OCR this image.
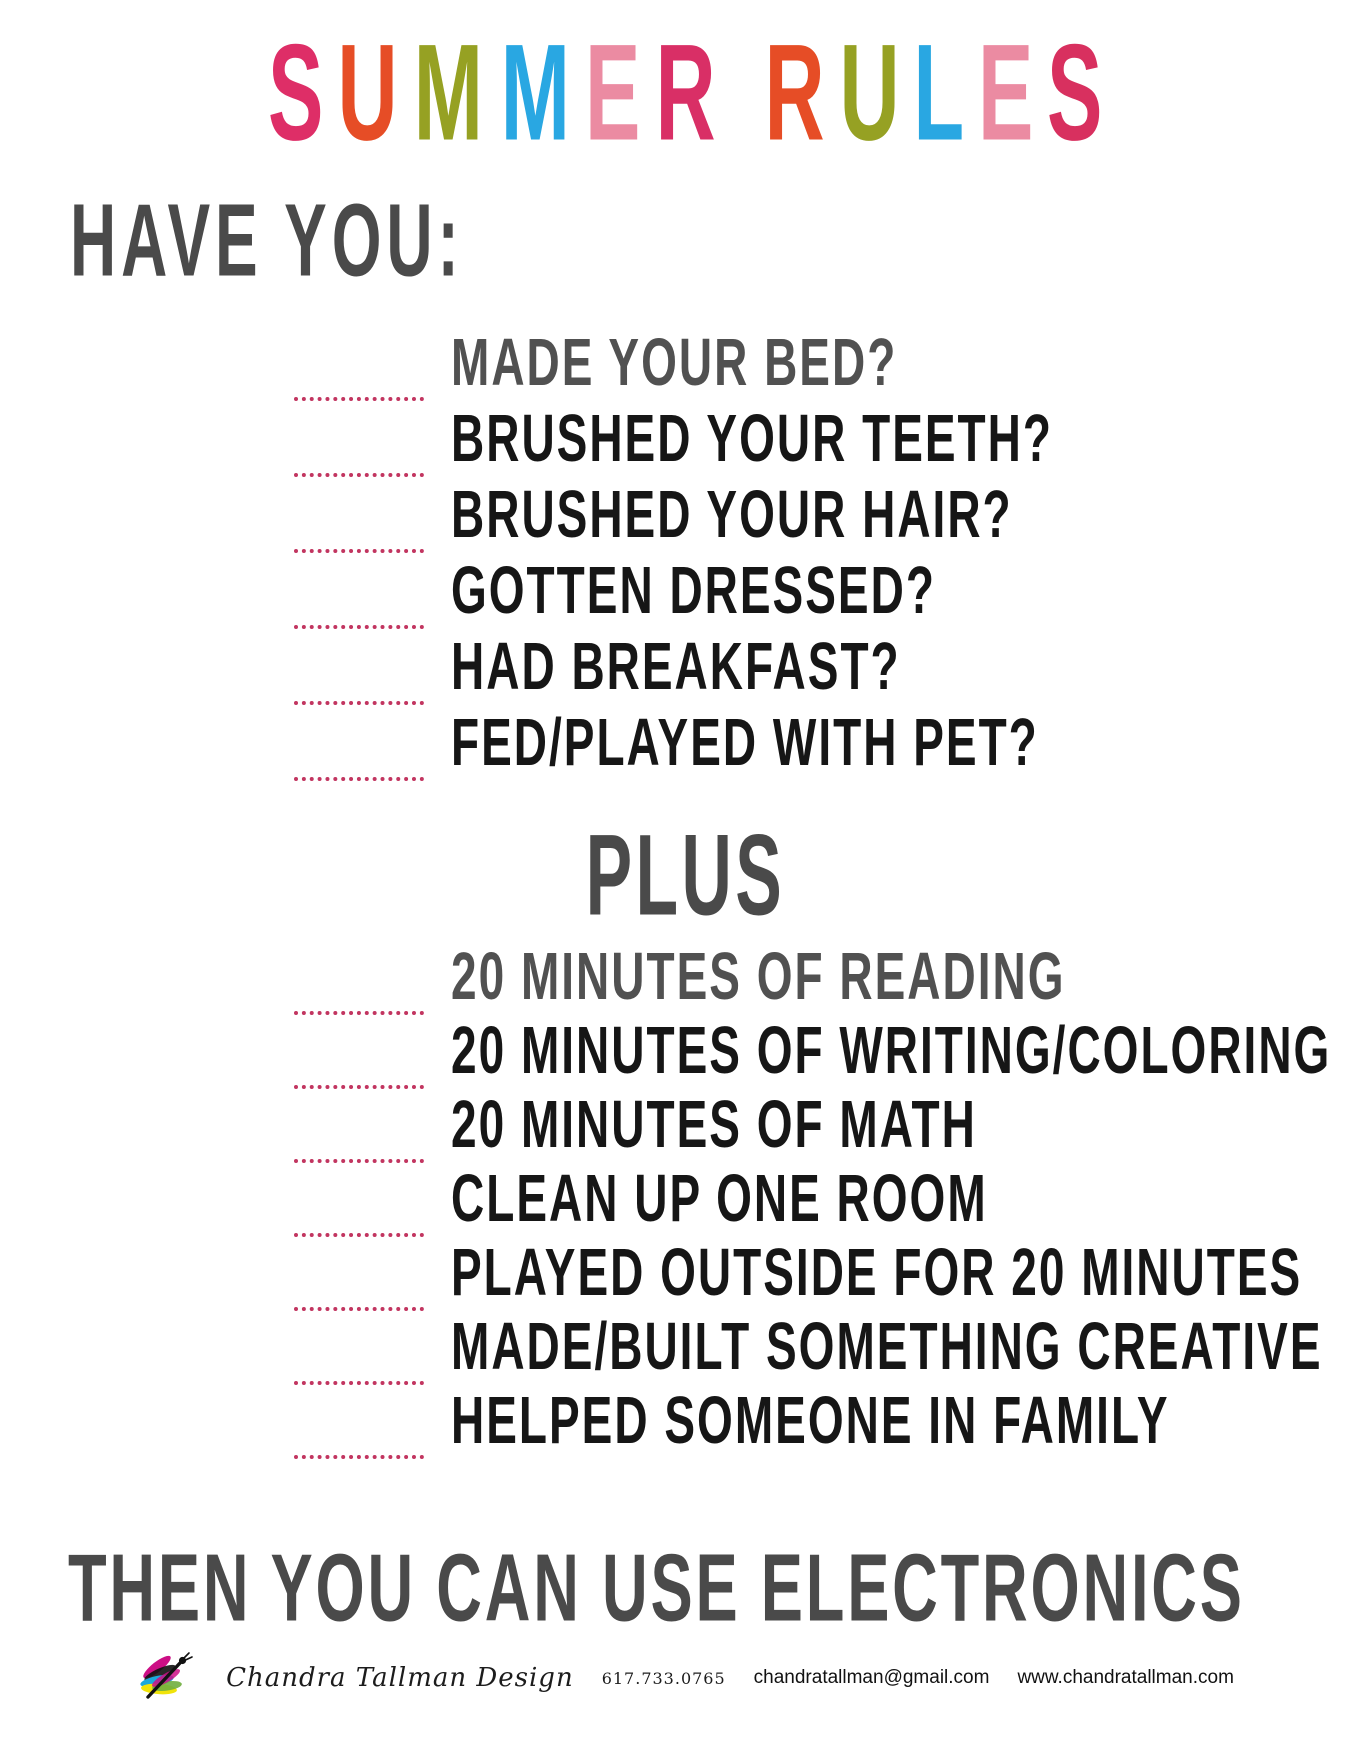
S U M M E R R U L E S
HAVE YOU:
MADE YOUR BED?
BRUSHED YOUR TEETH?
BRUSHED YOUR HAIR?
GOTTEN DRESSED?
HAD BREAKFAST?
FED/PLAYED WITH PET?
PLUS
20 MINUTES OF READING
20 MINUTES OF WRITING/COLORING
20 MINUTES OF MATH
CLEAN UP ONE ROOM
PLAYED OUTSIDE FOR 20 MINUTES
MADE/BUILT SOMETHING CREATIVE
HELPED SOMEONE IN FAMILY
THEN YOU CAN USE ELECTRONICS
Chandra Tallman Design 617.733.0765 chandratallman@gmail.com www.chandratallman.com
